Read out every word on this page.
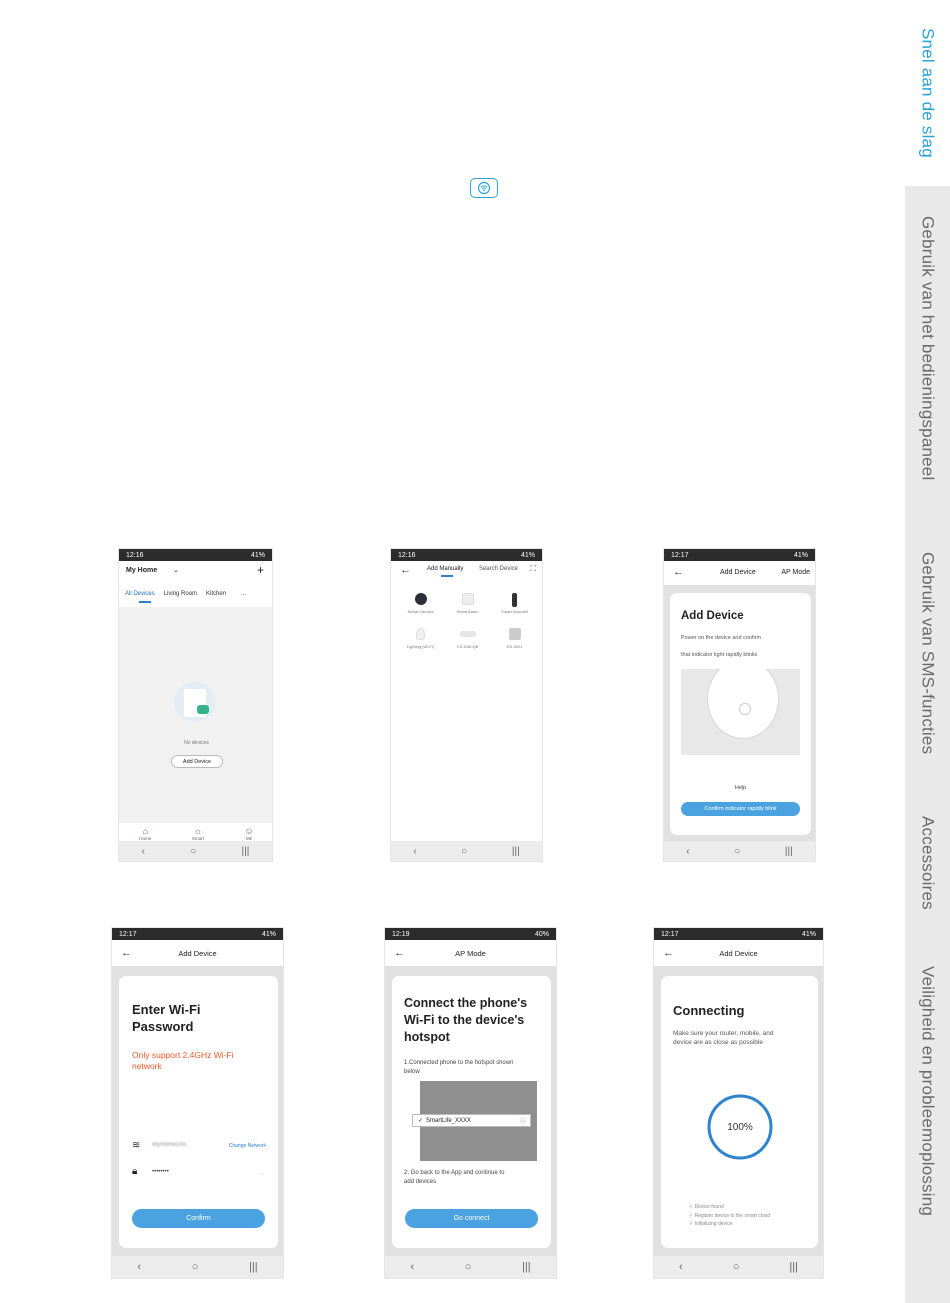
Snel aan de slag
Gebruik van het bedieningspaneel
Gebruik van SMS-functies
Accessoires
Veiligheid en probleemoplossing
12:16	41%
My Home ⌄	+
All Devices Living Room Kitchen	...
No devices
Add Device
⌂
Home
☼
Smart
☺
Me
‹	○	|||
12:16	41%
←	Add Manually	Search Device ⛶
Smart Camera	Smart Alarm	Smart Doorbell
Lighting (Wi-Fi)	CS-516LQB	ES-SW1
‹	○	|||
12:17	41%
←	Add Device	AP Mode
Add Device
Power on the device and confirm
that indicator light rapidly blinks
Help
Confirm indicator rapidly blink
‹	○	|||
12:17	41%
←	Add Device
Enter Wi-Fi
Password
Only support 2.4GHz Wi-Fi
network
≋ MyHomeDns	Change Network
🔒︎ ••••••••	◡
Confirm
‹	○	|||
12:19	40%
←	AP Mode
Connect the phone's
Wi-Fi to the device's
hotspot
1.Connected phone to the hotspot shown
below
✓ SmartLife_XXXX	ⓘ
2. Go back to the App and continue to
add devices
Go connect
‹	○	|||
12:17	41%
←	Add Device
Connecting
Make sure your router, mobile, and
device are as close as possible
100%
✓ Device found
✓ Register device to the smart cloud
✓ Initializing device
‹	○	|||
